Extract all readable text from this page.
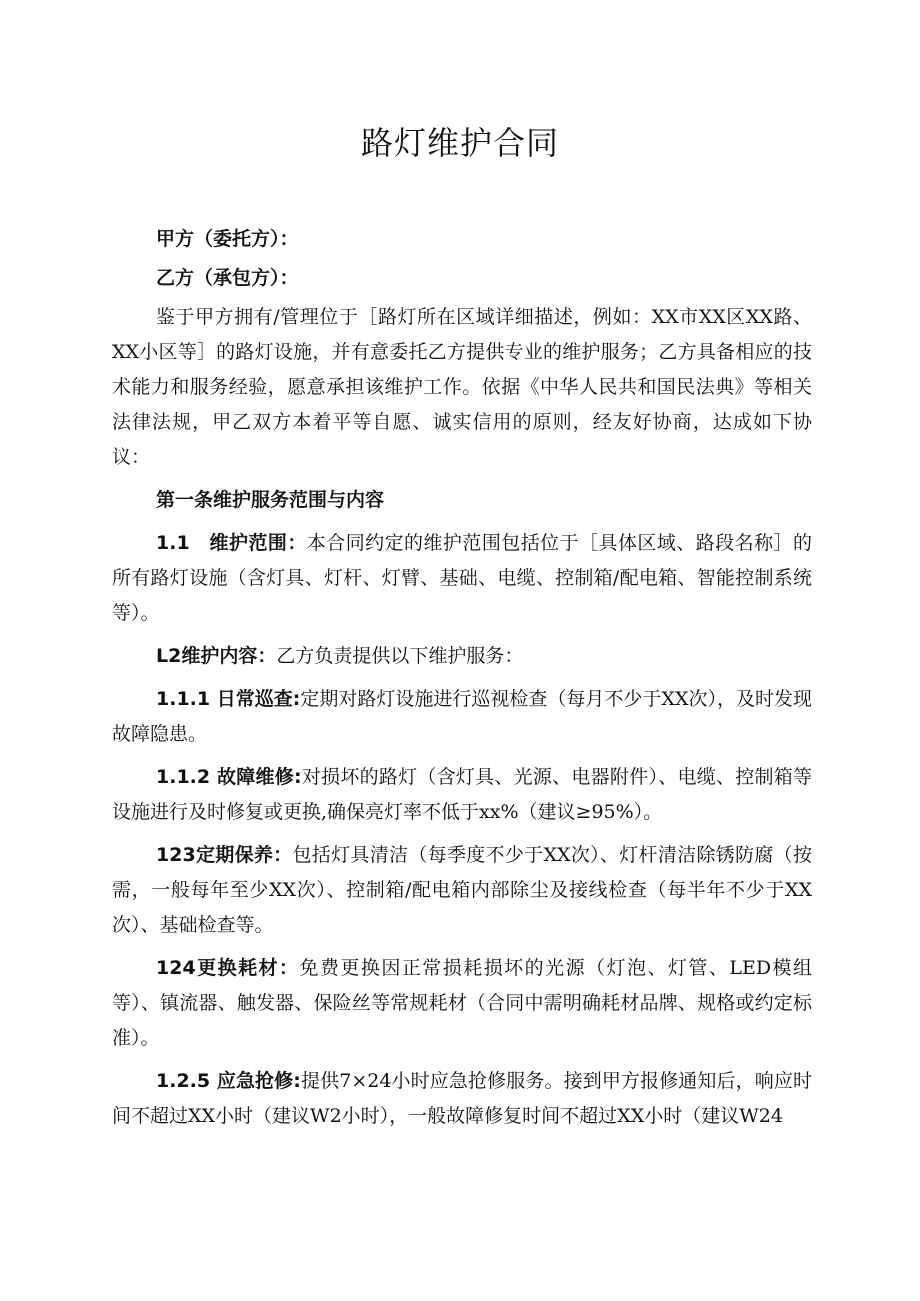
路灯维护合同

甲方（委托方）：

乙方（承包方）：

鉴于甲方拥有/管理位于［路灯所在区域详细描述，例如：XX市XX区XX路、XX小区等］的路灯设施，并有意委托乙方提供专业的维护服务；乙方具备相应的技术能力和服务经验，愿意承担该维护工作。依据《中华人民共和国民法典》等相关法律法规，甲乙双方本着平等自愿、诚实信用的原则，经友好协商，达成如下协议：

第一条维护服务范围与内容

1.1　维护范围：本合同约定的维护范围包括位于［具体区域、路段名称］的所有路灯设施（含灯具、灯杆、灯臂、基础、电缆、控制箱/配电箱、智能控制系统等）。

L2维护内容：乙方负责提供以下维护服务：

1.1.1 日常巡查:定期对路灯设施进行巡视检查（每月不少于XX次），及时发现故障隐患。

1.1.2 故障维修:对损坏的路灯（含灯具、光源、电器附件）、电缆、控制箱等设施进行及时修复或更换,确保亮灯率不低于xx%（建议≥95%）。

123定期保养：包括灯具清洁（每季度不少于XX次）、灯杆清洁除锈防腐（按需，一般每年至少XX次）、控制箱/配电箱内部除尘及接线检查（每半年不少于XX次）、基础检查等。

124更换耗材：免费更换因正常损耗损坏的光源（灯泡、灯管、LED模组等）、镇流器、触发器、保险丝等常规耗材（合同中需明确耗材品牌、规格或约定标准）。

1.2.5 应急抢修:提供7×24小时应急抢修服务。接到甲方报修通知后，响应时间不超过XX小时（建议W2小时），一般故障修复时间不超过XX小时（建议W24
